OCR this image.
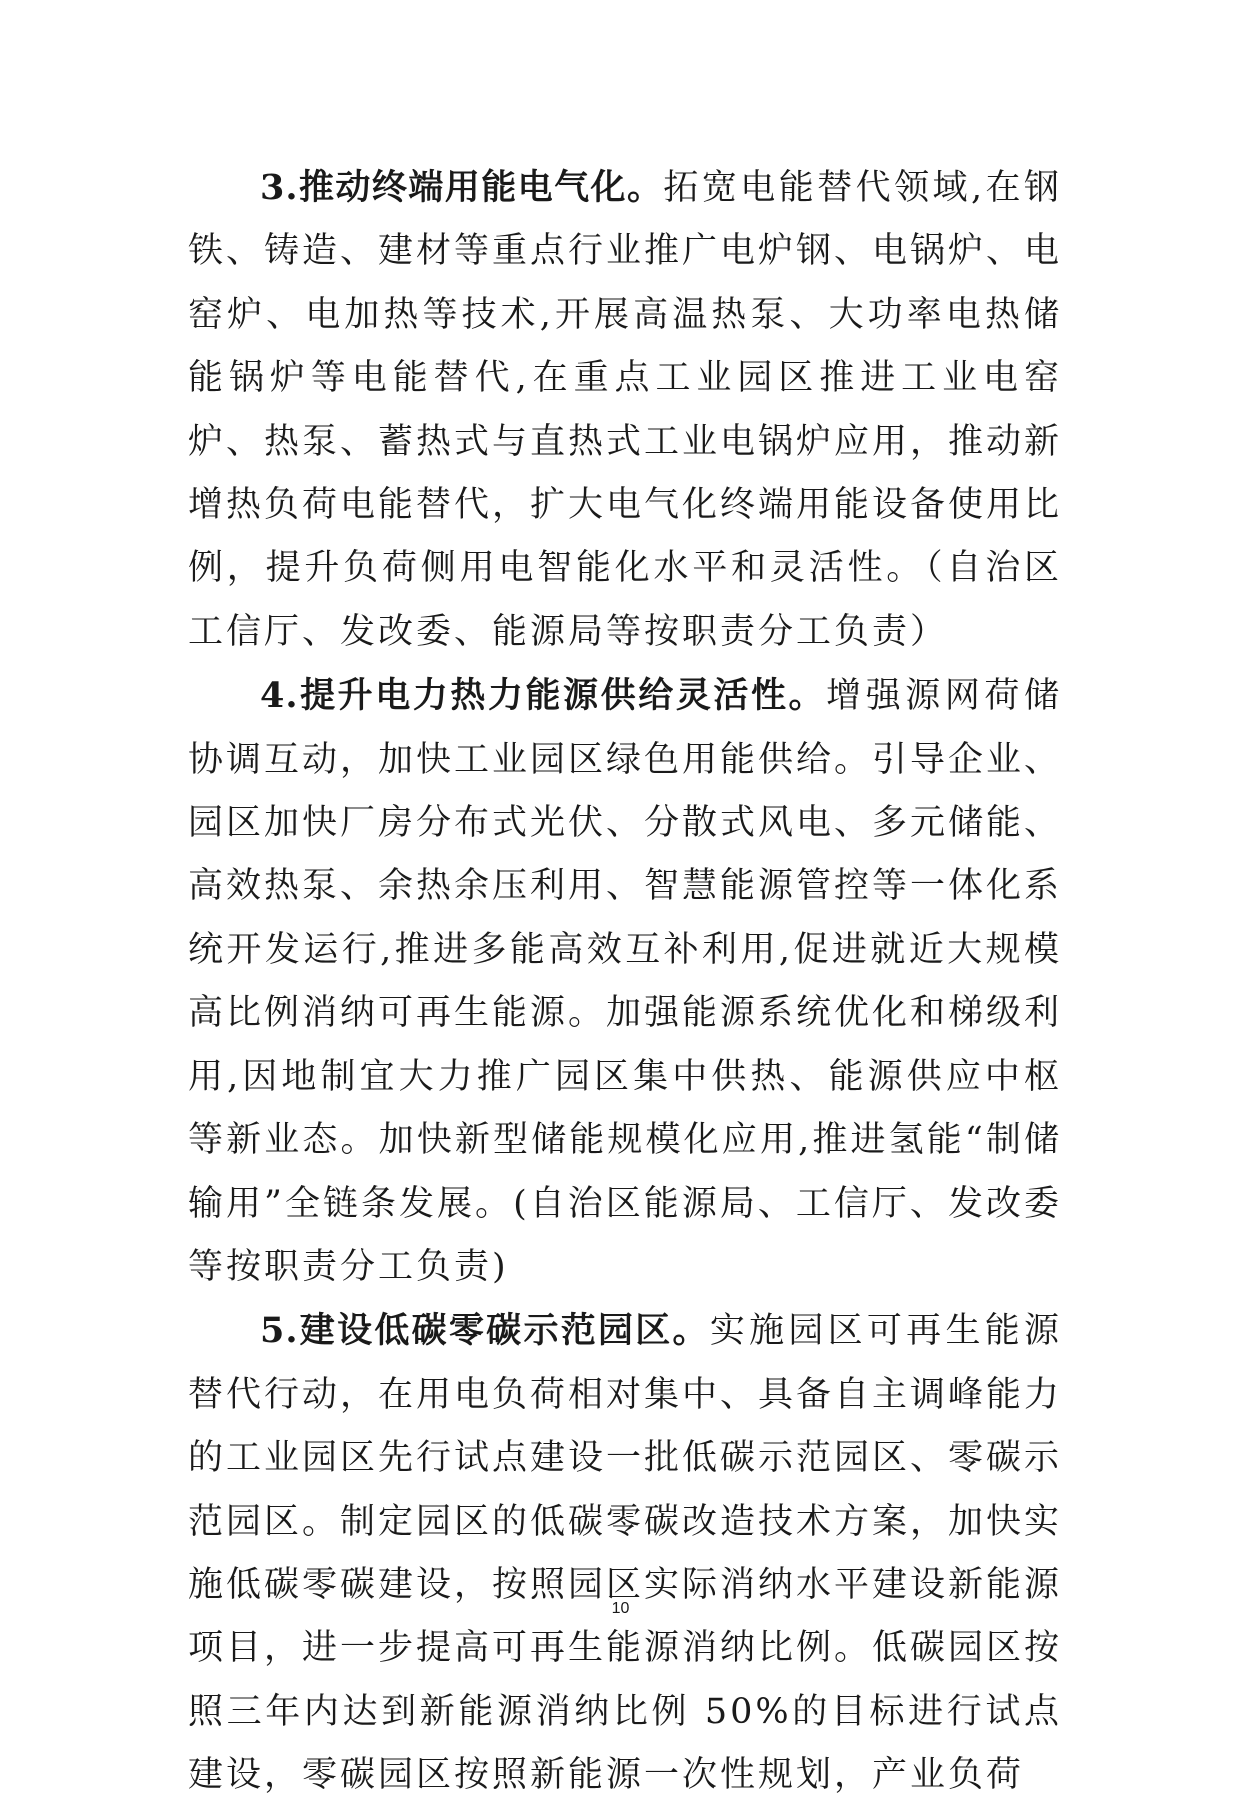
3.推动终端用能电气化。拓宽电能替代领域,在钢铁、铸造、建材等重点行业推广电炉钢、电锅炉、电窑炉、电加热等技术,开展高温热泵、大功率电热储能锅炉等电能替代,在重点工业园区推进工业电窑炉、热泵、蓄热式与直热式工业电锅炉应用，推动新增热负荷电能替代，扩大电气化终端用能设备使用比例，提升负荷侧用电智能化水平和灵活性。（自治区工信厅、发改委、能源局等按职责分工负责）

4.提升电力热力能源供给灵活性。增强源网荷储协调互动，加快工业园区绿色用能供给。引导企业、园区加快厂房分布式光伏、分散式风电、多元储能、高效热泵、余热余压利用、智慧能源管控等一体化系统开发运行,推进多能高效互补利用,促进就近大规模高比例消纳可再生能源。加强能源系统优化和梯级利用,因地制宜大力推广园区集中供热、能源供应中枢等新业态。加快新型储能规模化应用,推进氢能“制储输用”全链条发展。(自治区能源局、工信厅、发改委等按职责分工负责)

5.建设低碳零碳示范园区。实施园区可再生能源替代行动，在用电负荷相对集中、具备自主调峰能力的工业园区先行试点建设一批低碳示范园区、零碳示范园区。制定园区的低碳零碳改造技术方案，加快实施低碳零碳建设，按照园区实际消纳水平建设新能源项目，进一步提高可再生能源消纳比例。低碳园区按照三年内达到新能源消纳比例 50%的目标进行试点建设，零碳园区按照新能源一次性规划，产业负荷

10
